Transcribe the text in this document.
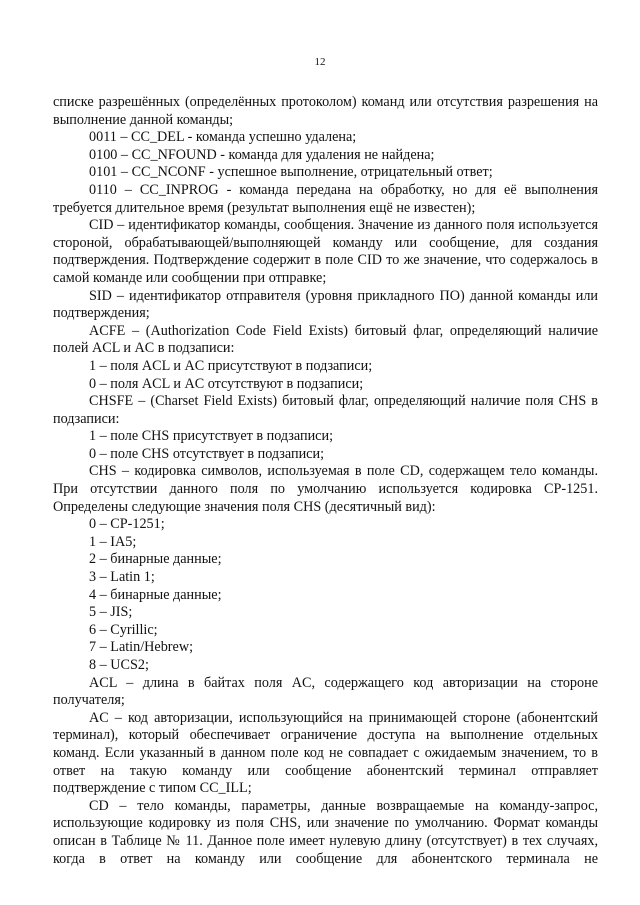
12

списке разрешённых (определённых протоколом) команд или отсутствия разрешения на выполнение данной команды;

0011 – CC_DEL - команда успешно удалена;

0100 – CC_NFOUND - команда для удаления не найдена;

0101 – CC_NCONF - успешное выполнение, отрицательный ответ;

0110 – CC_INPROG - команда передана на обработку, но для её выполнения требуется длительное время (результат выполнения ещё не известен);

CID – идентификатор команды, сообщения. Значение из данного поля используется стороной, обрабатывающей/выполняющей команду или сообщение, для создания подтверждения. Подтверждение содержит в поле CID то же значение, что содержалось в самой команде или сообщении при отправке;

SID – идентификатор отправителя (уровня прикладного ПО) данной команды или подтверждения;

ACFE – (Authorization Code Field Exists) битовый флаг, определяющий наличие полей ACL и AC в подзаписи:

1 – поля ACL и AC присутствуют в подзаписи;

0 – поля ACL и AC отсутствуют в подзаписи;

CHSFE – (Charset Field Exists) битовый флаг, определяющий наличие поля CHS в подзаписи:

1 – поле CHS присутствует в подзаписи;

0 – поле CHS отсутствует в подзаписи;

CHS – кодировка символов, используемая в поле CD, содержащем тело команды. При отсутствии данного поля по умолчанию используется кодировка CP-1251. Определены следующие значения поля CHS (десятичный вид):

0 – CP-1251;

1 – IA5;

2 – бинарные данные;

3 – Latin 1;

4 – бинарные данные;

5 – JIS;

6 – Cyrillic;

7 – Latin/Hebrew;

8 – UCS2;

ACL – длина в байтах поля AC, содержащего код авторизации на стороне получателя;

AC – код авторизации, использующийся на принимающей стороне (абонентский терминал), который обеспечивает ограничение доступа на выполнение отдельных команд. Если указанный в данном поле код не совпадает с ожидаемым значением, то в ответ на такую команду или сообщение абонентский терминал отправляет подтверждение с типом CC_ILL;

CD – тело команды, параметры, данные возвращаемые на команду-запрос, использующие кодировку из поля CHS, или значение по умолчанию. Формат команды описан в Таблице № 11. Данное поле имеет нулевую длину (отсутствует) в тех случаях, когда в ответ на команду или сообщение для абонентского терминала не
